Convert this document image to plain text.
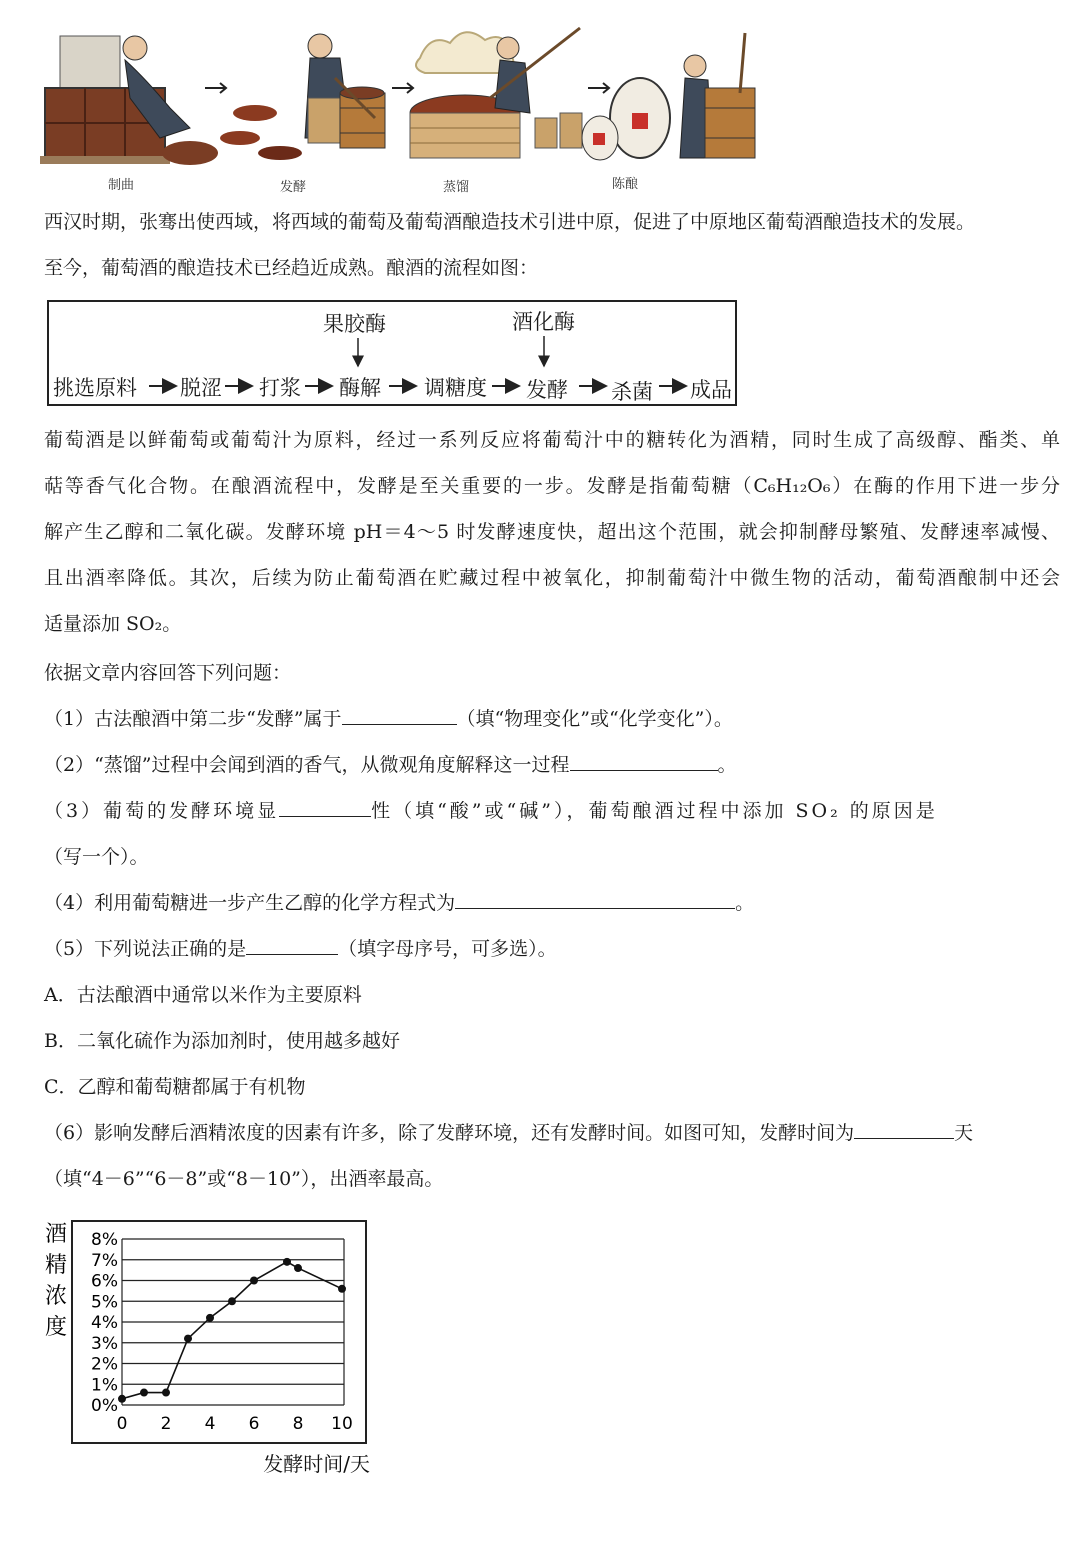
制曲	发酵	蒸馏	陈酿

西汉时期，张骞出使西域，将西域的葡萄及葡萄酒酿造技术引进中原，促进了中原地区葡萄酒酿造技术的发展。
至今，葡萄酒的酿造技术已经趋近成熟。酿酒的流程如图：

果胶酶	酒化酶
挑选原料 脱涩 打浆 酶解 调糖度 发酵 杀菌 成品
葡萄酒是以鲜葡萄或葡萄汁为原料，经过一系列反应将葡萄汁中的糖转化为酒精，同时生成了高级醇、酯类、单
萜等香气化合物。在酿酒流程中，发酵是至关重要的一步。发酵是指葡萄糖（C₆H₁₂O₆）在酶的作用下进一步分
解产生乙醇和二氧化碳。发酵环境 pH＝4～5 时发酵速度快，超出这个范围，就会抑制酵母繁殖、发酵速率减慢、
且出酒率降低。其次，后续为防止葡萄酒在贮藏过程中被氧化，抑制葡萄汁中微生物的活动，葡萄酒酿制中还会
适量添加 SO₂。
依据文章内容回答下列问题：
（1）古法酿酒中第二步“发酵”属于	（填“物理变化”或“化学变化”）。
（2）“蒸馏”过程中会闻到酒的香气，从微观角度解释这一过程	。
（3）葡萄的发酵环境显	性（填“酸”或“碱”），葡萄酿酒过程中添加 SO₂ 的原因是
（写一个）。
（4）利用葡萄糖进一步产生乙醇的化学方程式为	。
（5）下列说法正确的是	（填字母序号，可多选）。
A．古法酿酒中通常以米作为主要原料
B．二氧化硫作为添加剂时，使用越多越好
C．乙醇和葡萄糖都属于有机物
（6）影响发酵后酒精浓度的因素有许多，除了发酵环境，还有发酵时间。如图可知，发酵时间为	天
（填“4－6”“6－8”或“8－10”），出酒率最高。
0%
1%
2%
3%
4%
5%
6%
7%
8%
0 2 4 6 8 10
酒
精
浓
度
发酵时间/天
